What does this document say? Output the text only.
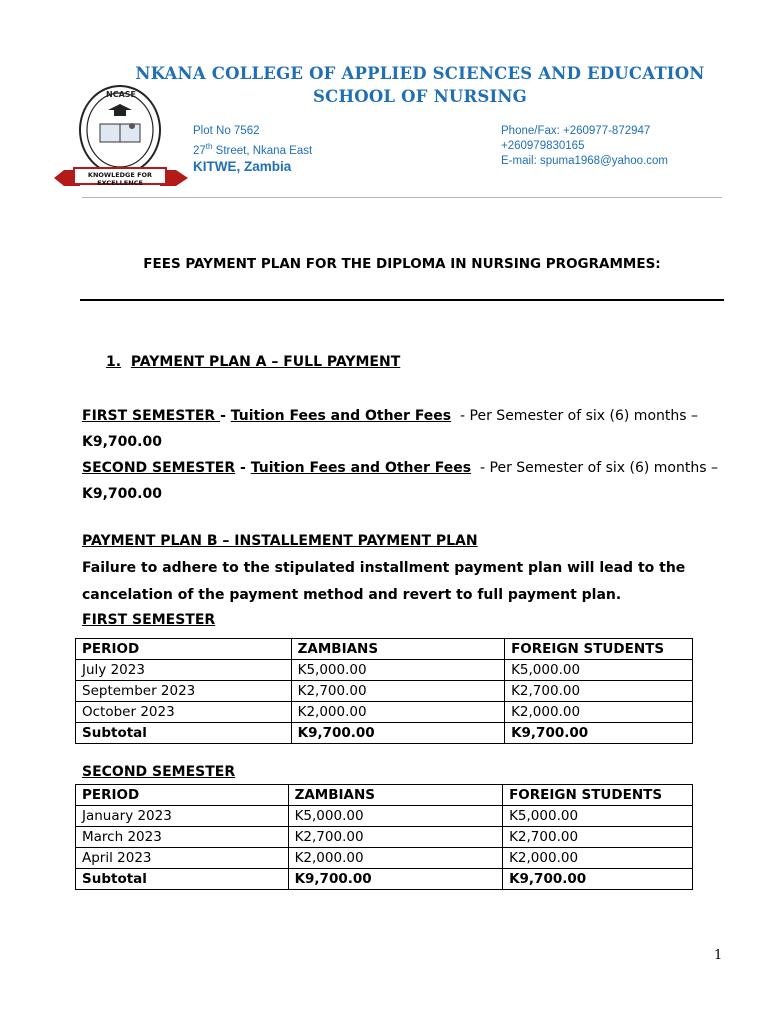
NCASE
KNOWLEDGE FOR EXCELLENCE
NKANA COLLEGE OF APPLIED SCIENCES AND EDUCATION
SCHOOL OF NURSING
Plot No 7562
27th Street, Nkana East
KITWE, Zambia
Phone/Fax: +260977-872947
+260979830165
E-mail: spuma1968@yahoo.com
FEES PAYMENT PLAN FOR THE DIPLOMA IN NURSING PROGRAMMES:
1. PAYMENT PLAN A – FULL PAYMENT
FIRST SEMESTER - Tuition Fees and Other Fees  - Per Semester of six (6) months –
K9,700.00
SECOND SEMESTER - Tuition Fees and Other Fees  - Per Semester of six (6) months –
K9,700.00
PAYMENT PLAN B – INSTALLEMENT PAYMENT PLAN
Failure to adhere to the stipulated installment payment plan will lead to the
cancelation of the payment method and revert to full payment plan.
FIRST SEMESTER
PERIOD	ZAMBIANS	FOREIGN STUDENTS
July 2023	K5,000.00	K5,000.00
September 2023	K2,700.00	K2,700.00
October 2023	K2,000.00	K2,000.00
Subtotal	K9,700.00	K9,700.00
SECOND SEMESTER
PERIOD	ZAMBIANS	FOREIGN STUDENTS
January 2023	K5,000.00	K5,000.00
March 2023	K2,700.00	K2,700.00
April 2023	K2,000.00	K2,000.00
Subtotal	K9,700.00	K9,700.00
1
